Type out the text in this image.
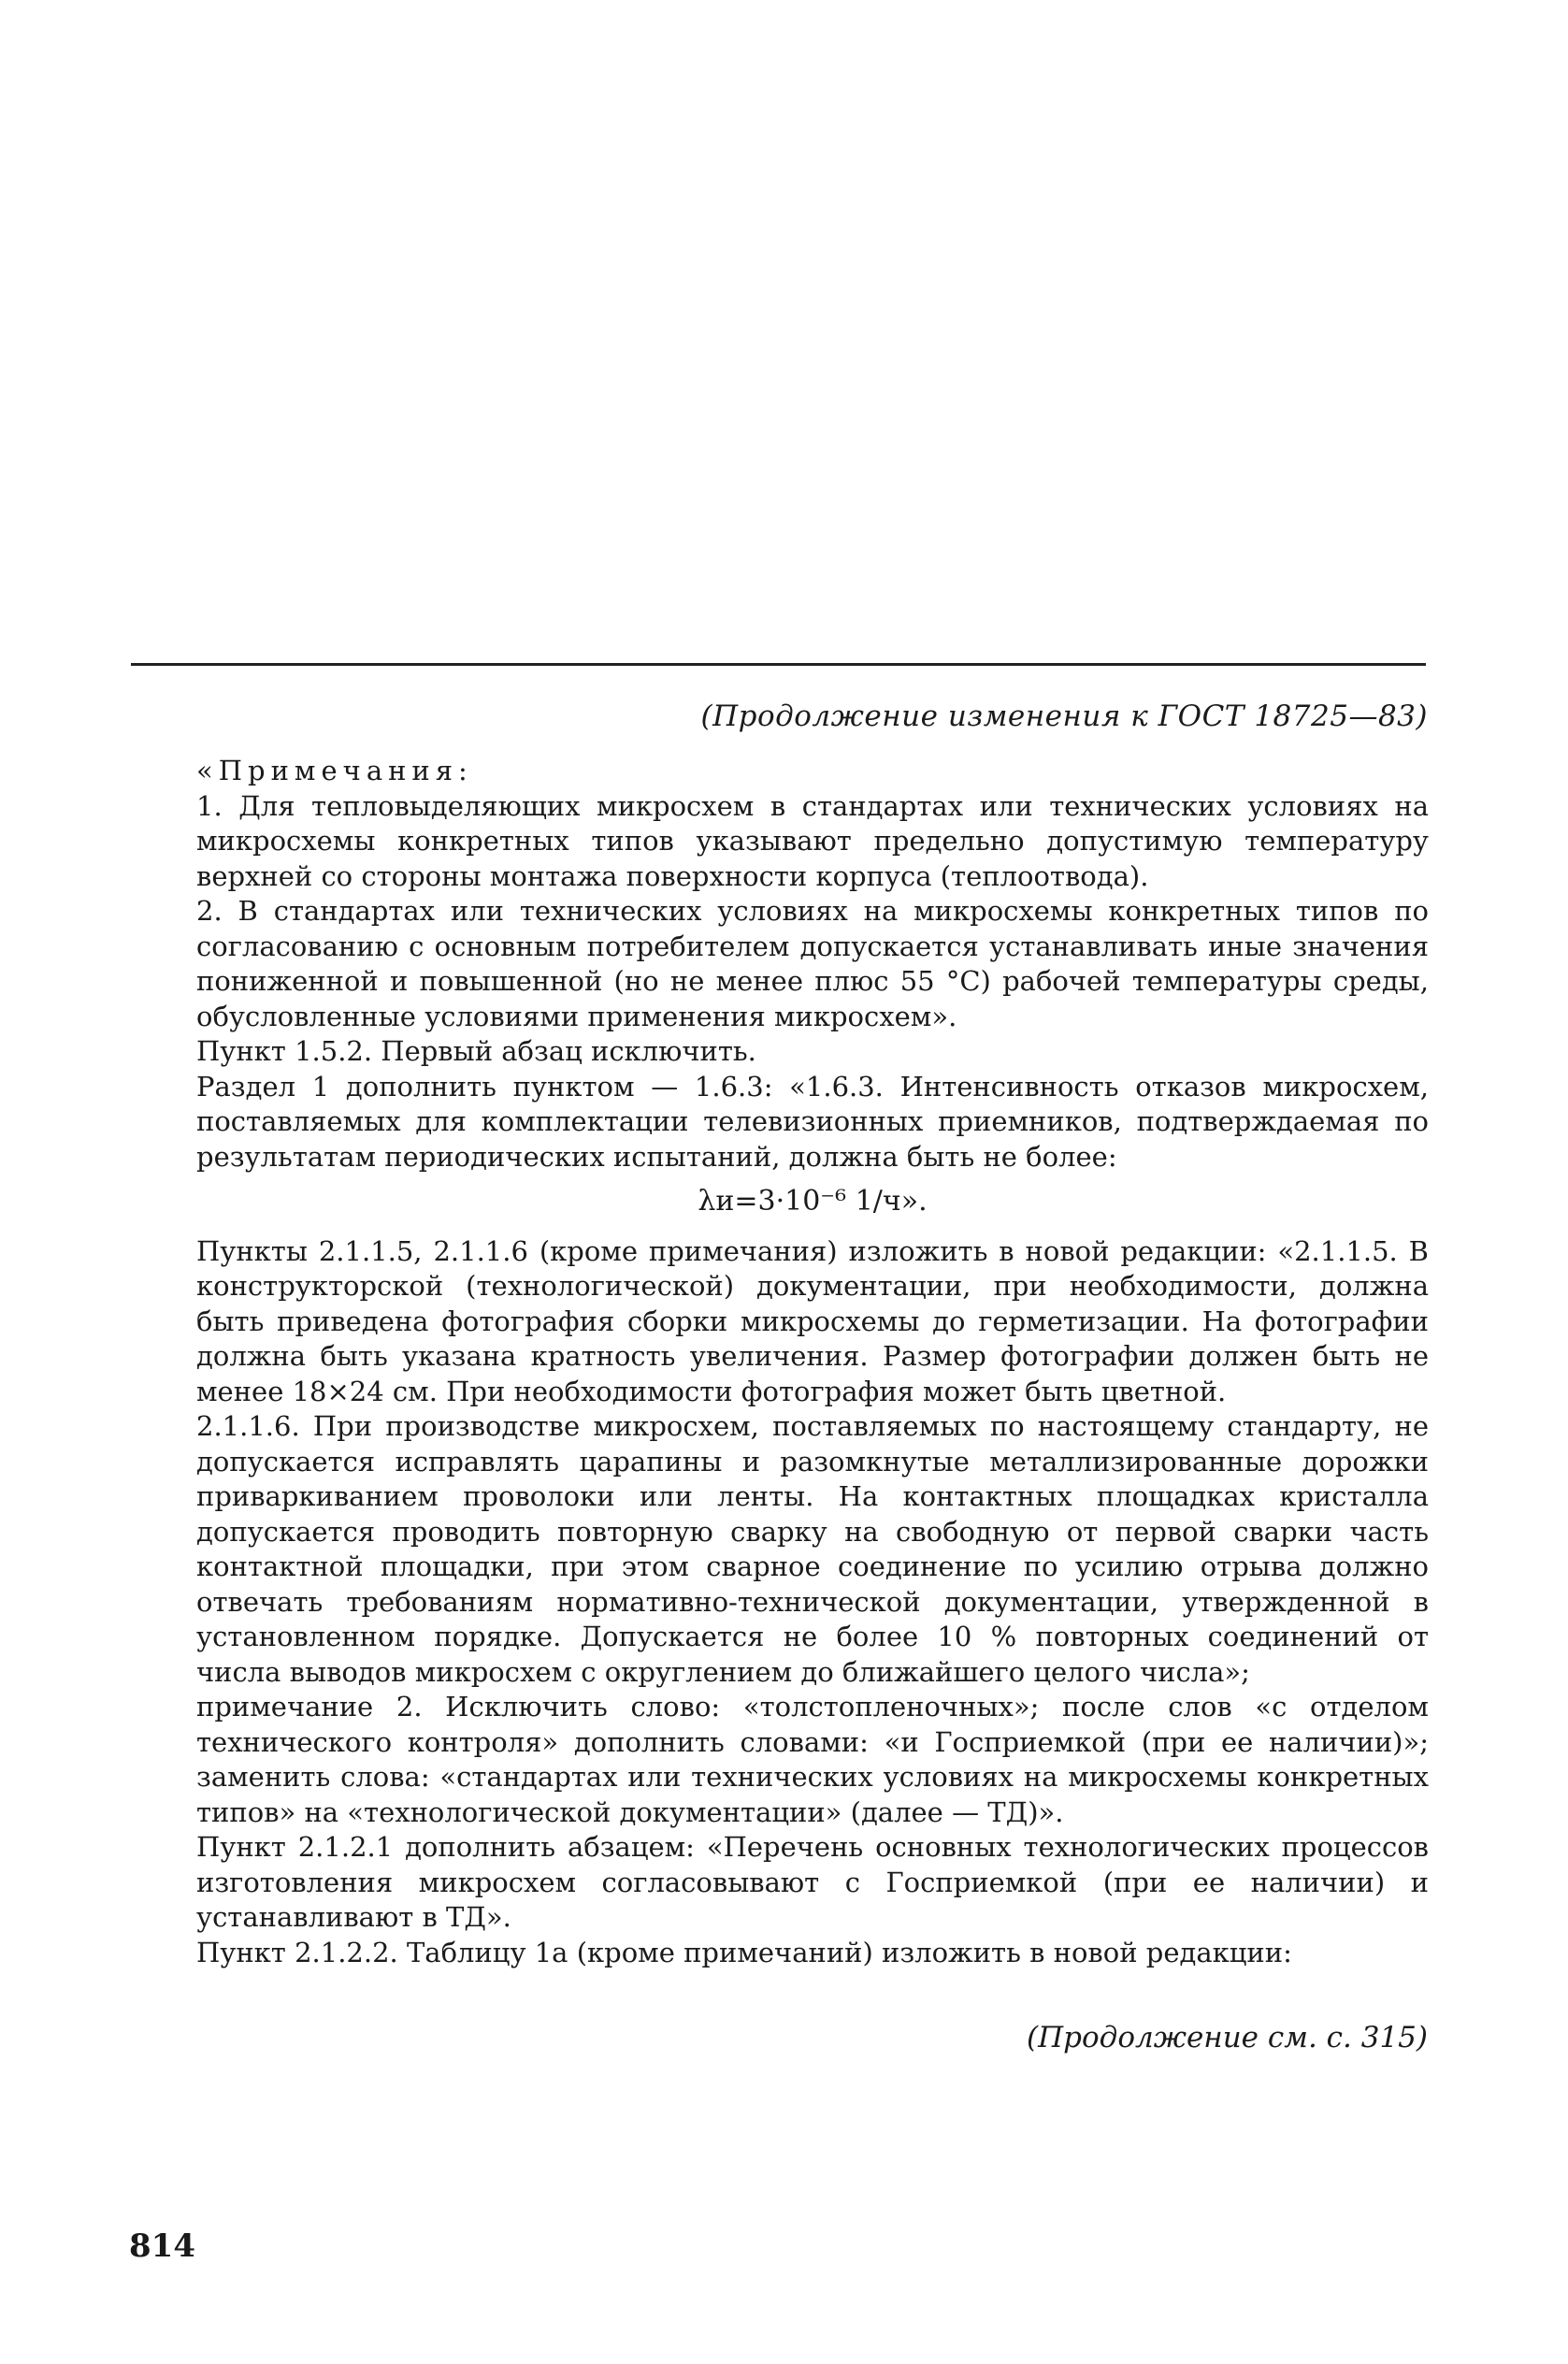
(Продолжение изменения к ГОСТ 18725—83)

«Примечания:

1. Для тепловыделяющих микросхем в стандартах или технических условиях на микросхемы конкретных типов указывают предельно допустимую температуру верхней со стороны монтажа поверхности корпуса (теплоотвода).

2. В стандартах или технических условиях на микросхемы конкретных типов по согласованию с основным потребителем допускается устанавливать иные значения пониженной и повышенной (но не менее плюс 55 °С) рабочей температуры среды, обусловленные условиями применения микросхем».

Пункт 1.5.2. Первый абзац исключить.

Раздел 1 дополнить пунктом — 1.6.3: «1.6.3. Интенсивность отказов микросхем, поставляемых для комплектации телевизионных приемников, подтверждаемая по результатам периодических испытаний, должна быть не более:

λи=3·10⁻⁶ 1/ч».

Пункты 2.1.1.5, 2.1.1.6 (кроме примечания) изложить в новой редакции: «2.1.1.5. В конструкторской (технологической) документации, при необходимости, должна быть приведена фотография сборки микросхемы до герметизации. На фотографии должна быть указана кратность увеличения. Размер фотографии должен быть не менее 18×24 см. При необходимости фотография может быть цветной.

2.1.1.6. При производстве микросхем, поставляемых по настоящему стандарту, не допускается исправлять царапины и разомкнутые металлизированные дорожки приваркиванием проволоки или ленты. На контактных площадках кристалла допускается проводить повторную сварку на свободную от первой сварки часть контактной площадки, при этом сварное соединение по усилию отрыва должно отвечать требованиям нормативно-технической документации, утвержденной в установленном порядке. Допускается не более 10 % повторных соединений от числа выводов микросхем с округлением до ближайшего целого числа»;

примечание 2. Исключить слово: «толстопленочных»; после слов «с отделом технического контроля» дополнить словами: «и Госприемкой (при ее наличии)»; заменить слова: «стандартах или технических условиях на микросхемы конкретных типов» на «технологической документации» (далее — ТД)».

Пункт 2.1.2.1 дополнить абзацем: «Перечень основных технологических процессов изготовления микросхем согласовывают с Госприемкой (при ее наличии) и устанавливают в ТД».

Пункт 2.1.2.2. Таблицу 1а (кроме примечаний) изложить в новой редакции:

(Продолжение см. с. 315)
814
